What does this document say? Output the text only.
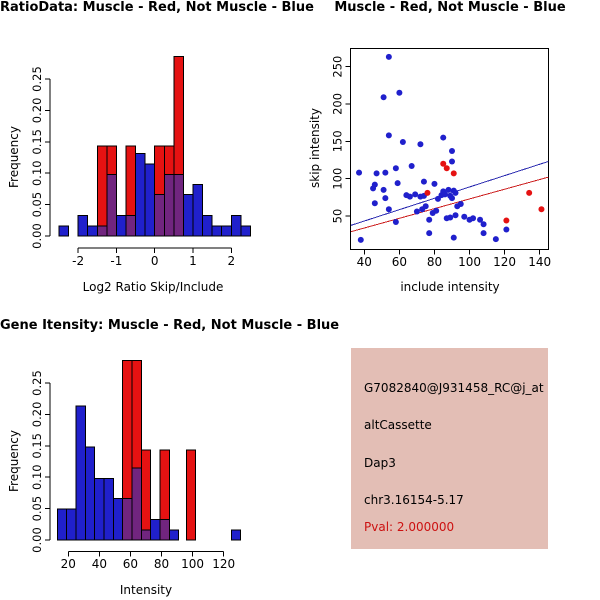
0.00
0.05
0.10
0.15
0.20
0.25
-2 -1 0	1	2	40 60 80 100 120 140
50
100
150
200
250
0.00
0.05
0.10
0.15
0.20
0.25
20 40 60 80 100 120
RatioData: Muscle - Red, Not Muscle - Blue
Log2 Ratio Skip/Include
Frequency
Muscle - Red, Not Muscle - Blue
include intensity
skip intensity
Gene Itensity: Muscle - Red, Not Muscle - Blue
Intensity
Frequency
G7082840@J931458_RC@j_at
altCassette
Dap3
chr3.16154-5.17
Pval: 2.000000
